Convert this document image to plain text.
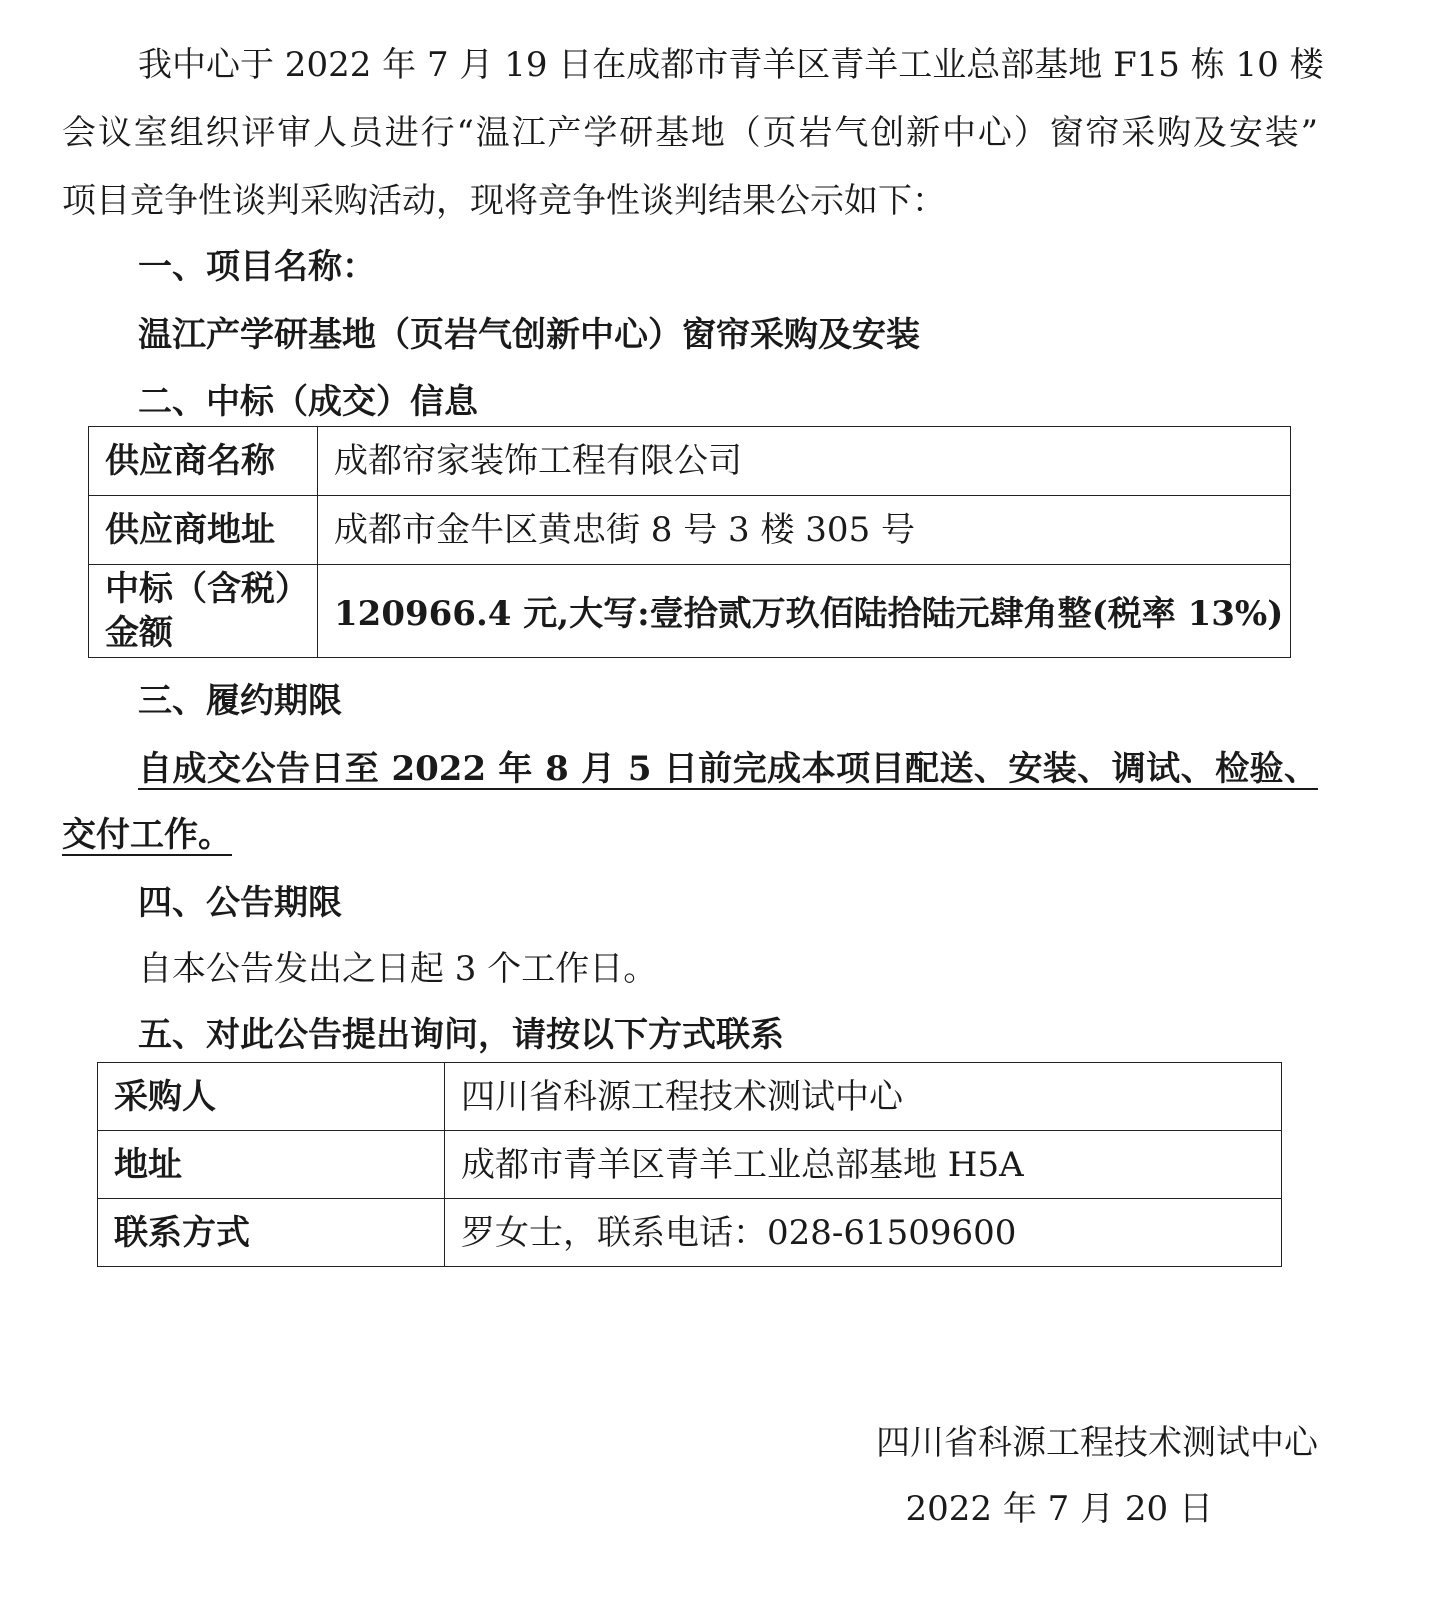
我中心于 2022 年 7 月 19 日在成都市青羊区青羊工业总部基地 F15 栋 10 楼
会议室组织评审人员进行“温江产学研基地（页岩气创新中心）窗帘采购及安装”
项目竞争性谈判采购活动，现将竞争性谈判结果公示如下：
一、项目名称：
温江产学研基地（页岩气创新中心）窗帘采购及安装
二、中标（成交）信息
供应商名称	成都帘家装饰工程有限公司
供应商地址	成都市金牛区黄忠街 8 号 3 楼 305 号

中标（含税）
金额	120966.4 元,大写:壹拾贰万玖佰陆拾陆元肆角整(税率 13%)
三、履约期限
自成交公告日至 2022 年 8 月 5 日前完成本项目配送、安装、调试、检验、
交付工作。
四、公告期限
自本公告发出之日起 3 个工作日。
五、对此公告提出询问，请按以下方式联系
采购人	四川省科源工程技术测试中心
地址	成都市青羊区青羊工业总部基地 H5A
联系方式	罗女士，联系电话：028-61509600
四川省科源工程技术测试中心
2022 年 7 月 20 日
